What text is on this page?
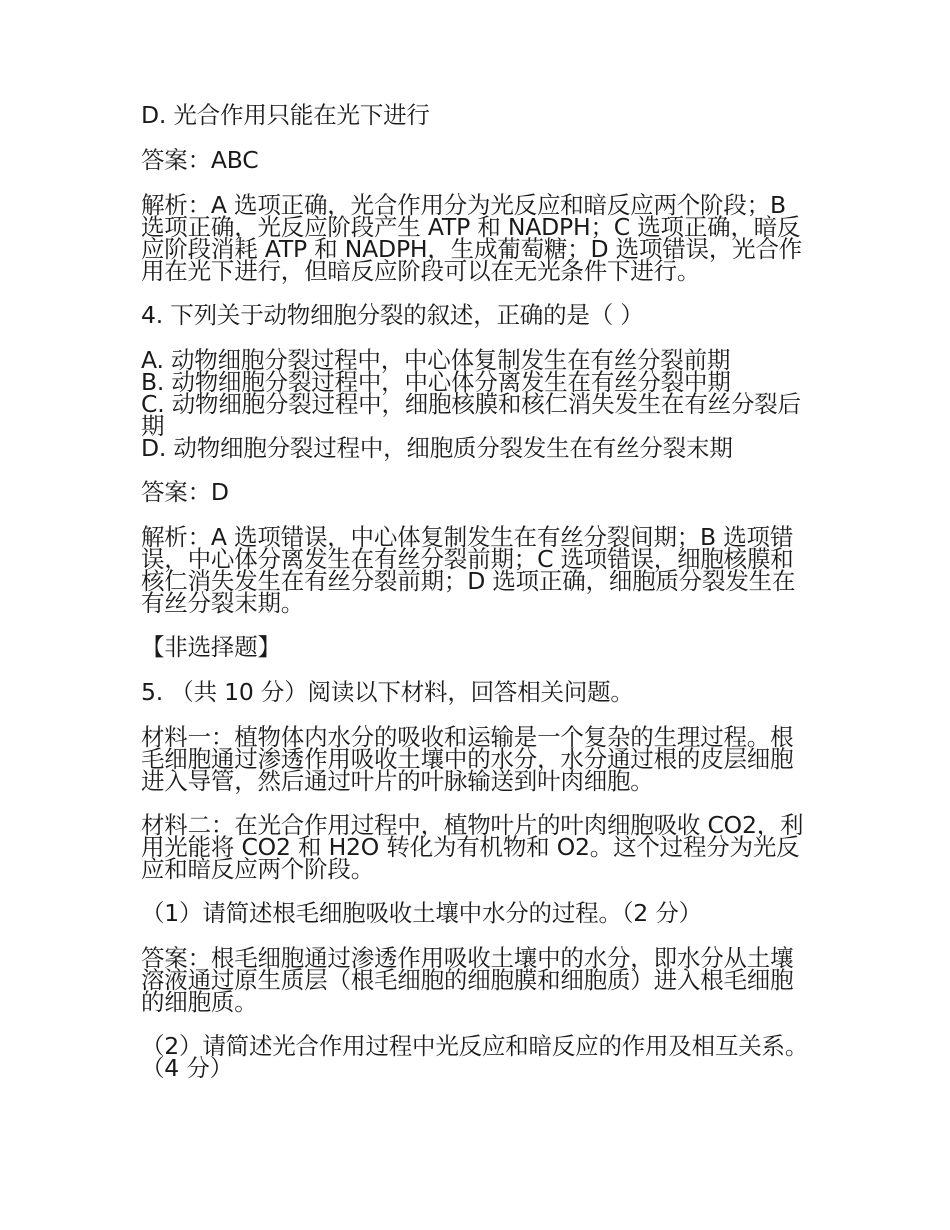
D. 光合作用只能在光下进行

答案：ABC

解析：A 选项正确，光合作用分为光反应和暗反应两个阶段；B 选项正确，光反应阶段产生 ATP 和 NADPH；C 选项正确，暗反应阶段消耗 ATP 和 NADPH，生成葡萄糖；D 选项错误，光合作用在光下进行，但暗反应阶段可以在无光条件下进行。

4. 下列关于动物细胞分裂的叙述，正确的是（ ）

A. 动物细胞分裂过程中，中心体复制发生在有丝分裂前期
B. 动物细胞分裂过程中，中心体分离发生在有丝分裂中期
C. 动物细胞分裂过程中，细胞核膜和核仁消失发生在有丝分裂后期
D. 动物细胞分裂过程中，细胞质分裂发生在有丝分裂末期

答案：D

解析：A 选项错误，中心体复制发生在有丝分裂间期；B 选项错误，中心体分离发生在有丝分裂前期；C 选项错误，细胞核膜和核仁消失发生在有丝分裂前期；D 选项正确，细胞质分裂发生在有丝分裂末期。

【非选择题】

5. （共 10 分）阅读以下材料，回答相关问题。

材料一：植物体内水分的吸收和运输是一个复杂的生理过程。根毛细胞通过渗透作用吸收土壤中的水分，水分通过根的皮层细胞进入导管，然后通过叶片的叶脉输送到叶肉细胞。

材料二：在光合作用过程中，植物叶片的叶肉细胞吸收 CO2，利用光能将 CO2 和 H2O 转化为有机物和 O2。这个过程分为光反应和暗反应两个阶段。

（1）请简述根毛细胞吸收土壤中水分的过程。（2 分）

答案：根毛细胞通过渗透作用吸收土壤中的水分，即水分从土壤溶液通过原生质层（根毛细胞的细胞膜和细胞质）进入根毛细胞的细胞质。

（2）请简述光合作用过程中光反应和暗反应的作用及相互关系。（4 分）
